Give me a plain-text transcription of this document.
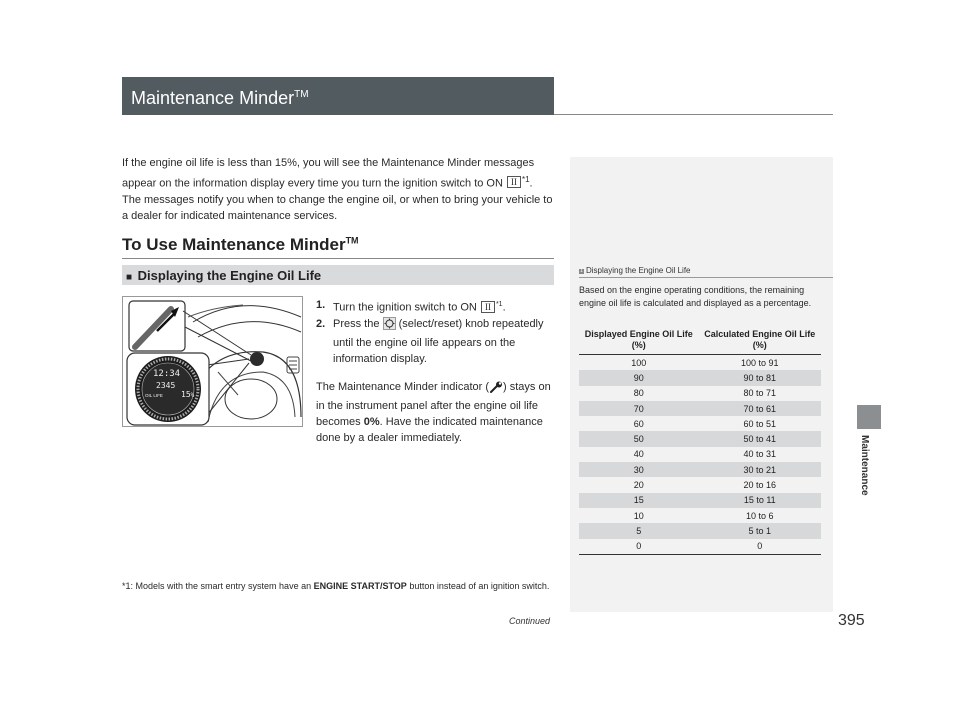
Maintenance Minder™
If the engine oil life is less than 15%, you will see the Maintenance Minder messages appear on the information display every time you turn the ignition switch to ON II $^{*1}$. The messages notify you when to change the engine oil, or when to bring your vehicle to a dealer for indicated maintenance services.
To Use Maintenance Minder™
■ Displaying the Engine Oil Life
12:34
2345
15%
OIL LIFE
1. Turn the ignition switch to ON II $^{*1}$.
2. Press the (select/reset) knob repeatedly until the engine oil life appears on the information display.
The Maintenance Minder indicator ( ) stays on in the instrument panel after the engine oil life becomes 0%. Have the indicated maintenance done by a dealer immediately.
*1: Models with the smart entry system have an ENGINE START/STOP button instead of an ignition switch.
Continued	395
Maintenance
1 Displaying the Engine Oil Life
Based on the engine operating conditions, the remaining engine oil life is calculated and displayed as a percentage.
Displayed Engine Oil Life (%)	Calculated Engine Oil Life (%)
100	100 to 91
90	90 to 81
80	80 to 71
70	70 to 61
60	60 to 51
50	50 to 41
40	40 to 31
30	30 to 21
20	20 to 16
15	15 to 11
10	10 to 6
5	5 to 1
0	0
